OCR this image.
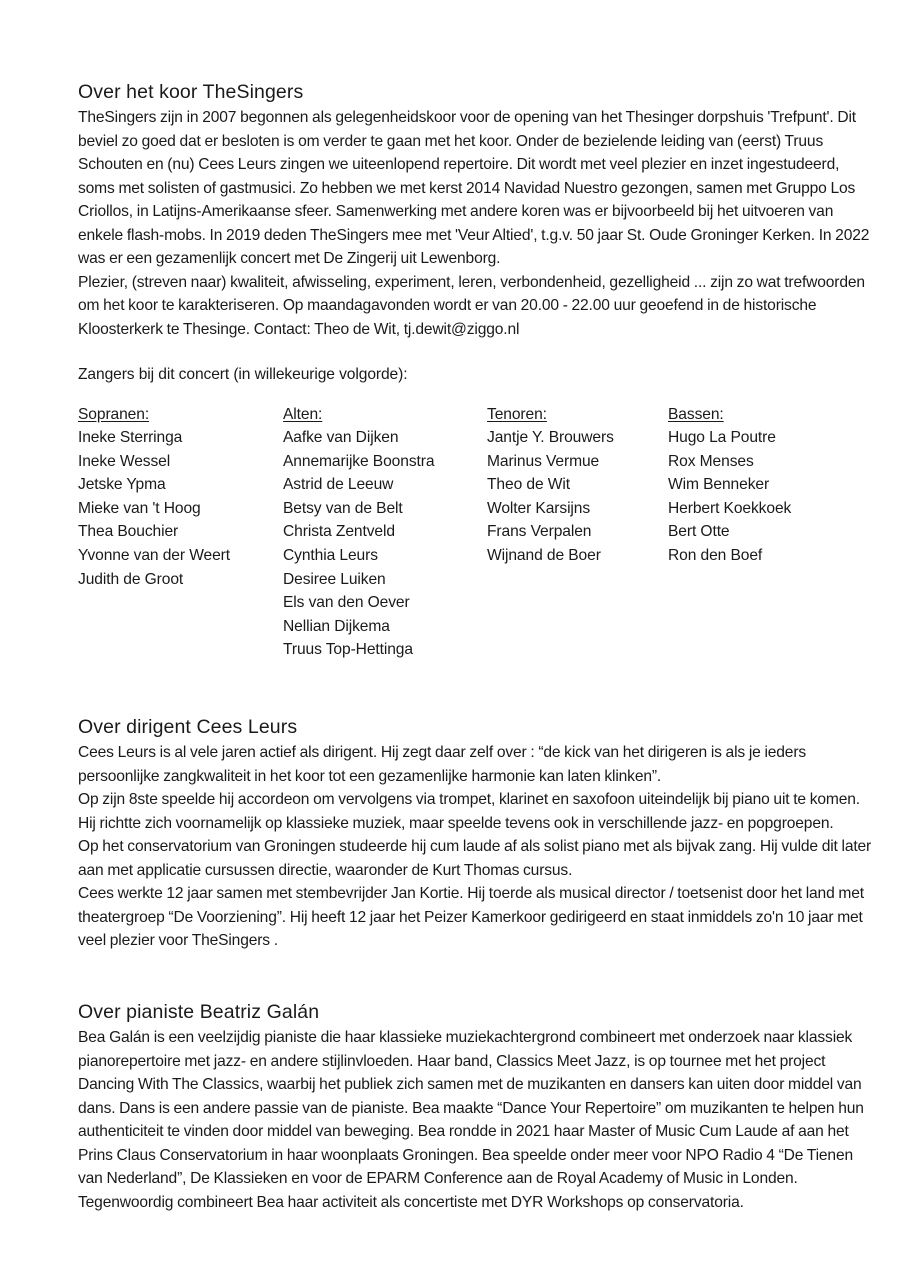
Over het koor TheSingers

TheSingers zijn in 2007 begonnen als gelegenheidskoor voor de opening van het Thesinger dorpshuis 'Trefpunt'. Dit beviel zo goed dat er besloten is om verder te gaan met het koor. Onder de bezielende leiding van (eerst) Truus Schouten en (nu) Cees Leurs zingen we uiteenlopend repertoire. Dit wordt met veel plezier en inzet ingestudeerd, soms met solisten of gastmusici. Zo hebben we met kerst 2014 Navidad Nuestro gezongen, samen met Gruppo Los Criollos, in Latijns-Amerikaanse sfeer. Samenwerking met andere koren was er bijvoorbeeld bij het uitvoeren van enkele flash-mobs. In 2019 deden TheSingers mee met 'Veur Altied', t.g.v. 50 jaar St. Oude Groninger Kerken. In 2022 was er een gezamenlijk concert met De Zingerij uit Lewenborg.

Plezier, (streven naar) kwaliteit, afwisseling, experiment, leren, verbondenheid, gezelligheid ... zijn zo wat trefwoorden om het koor te karakteriseren. Op maandagavonden wordt er van 20.00 - 22.00 uur geoefend in de historische Kloosterkerk te Thesinge. Contact: Theo de Wit, tj.dewit@ziggo.nl

Zangers bij dit concert (in willekeurige volgorde):

Sopranen:
Ineke Sterringa
Ineke Wessel
Jetske Ypma
Mieke van 't Hoog
Thea Bouchier
Yvonne van der Weert
Judith de Groot
Alten:
Aafke van Dijken
Annemarijke Boonstra
Astrid de Leeuw
Betsy van de Belt
Christa Zentveld
Cynthia Leurs
Desiree Luiken
Els van den Oever
Nellian Dijkema
Truus Top-Hettinga
Tenoren:
Jantje Y. Brouwers
Marinus Vermue
Theo de Wit
Wolter Karsijns
Frans Verpalen
Wijnand de Boer
Bassen:
Hugo La Poutre
Rox Menses
Wim Benneker
Herbert Koekkoek
Bert Otte
Ron den Boef
Over dirigent Cees Leurs

Cees Leurs is al vele jaren actief als dirigent. Hij zegt daar zelf over : “de kick van het dirigeren is als je ieders persoonlijke zangkwaliteit in het koor tot een gezamenlijke harmonie kan laten klinken”.

Op zijn 8ste speelde hij accordeon om vervolgens via trompet, klarinet en saxofoon uiteindelijk bij piano uit te komen. Hij richtte zich voornamelijk op klassieke muziek, maar speelde tevens ook in verschillende jazz- en popgroepen.

Op het conservatorium van Groningen studeerde hij cum laude af als solist piano met als bijvak zang. Hij vulde dit later aan met applicatie cursussen directie, waaronder de Kurt Thomas cursus.

Cees werkte 12 jaar samen met stembevrijder Jan Kortie. Hij toerde als musical director / toetsenist door het land met theatergroep “De Voorziening”. Hij heeft 12 jaar het Peizer Kamerkoor gedirigeerd en staat inmiddels zo'n 10 jaar met veel plezier voor TheSingers .

Over pianiste Beatriz Galán

Bea Galán is een veelzijdig pianiste die haar klassieke muziekachtergrond combineert met onderzoek naar klassiek pianorepertoire met jazz- en andere stijlinvloeden. Haar band, Classics Meet Jazz, is op tournee met het project Dancing With The Classics, waarbij het publiek zich samen met de muzikanten en dansers kan uiten door middel van dans. Dans is een andere passie van de pianiste. Bea maakte “Dance Your Repertoire” om muzikanten te helpen hun authenticiteit te vinden door middel van beweging. Bea rondde in 2021 haar Master of Music Cum Laude af aan het Prins Claus Conservatorium in haar woonplaats Groningen. Bea speelde onder meer voor NPO Radio 4 “De Tienen van Nederland”, De Klassieken en voor de EPARM Conference aan de Royal Academy of Music in Londen. Tegenwoordig combineert Bea haar activiteit als concertiste met DYR Workshops op conservatoria.
